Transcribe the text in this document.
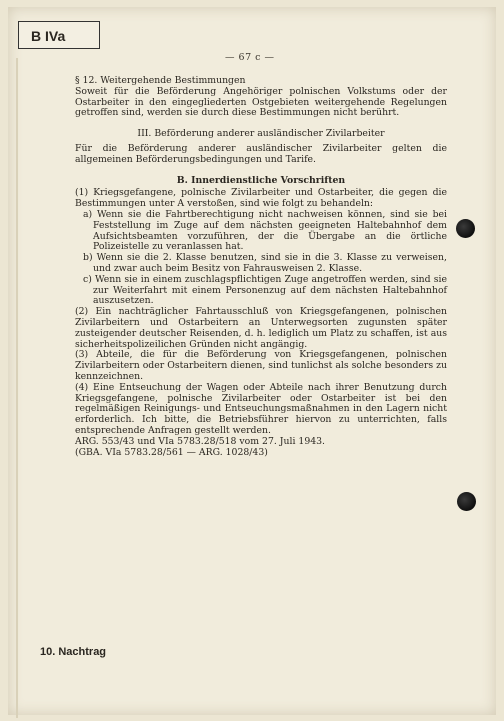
B IVa
— 67 c —

§ 12. Weitergehende Bestimmungen

Soweit für die Beförderung Angehöriger polnischen Volkstums oder der Ostarbeiter in den eingegliederten Ostgebieten weitergehende Regelungen getroffen sind, werden sie durch diese Bestimmungen nicht berührt.

III. Beförderung anderer ausländischer Zivilarbeiter

Für die Beförderung anderer ausländischer Zivilarbeiter gelten die allgemeinen Beförderungsbedingungen und Tarife.

B. Innerdienstliche Vorschriften

(1) Kriegsgefangene, polnische Zivilarbeiter und Ostarbeiter, die gegen die Bestimmungen unter A verstoßen, sind wie folgt zu behandeln:

a) Wenn sie die Fahrtberechtigung nicht nachweisen können, sind sie bei Feststellung im Zuge auf dem nächsten geeigneten Haltebahnhof dem Aufsichtsbeamten vorzuführen, der die Übergabe an die örtliche Polizeistelle zu veranlassen hat.
b) Wenn sie die 2. Klasse benutzen, sind sie in die 3. Klasse zu verweisen, und zwar auch beim Besitz von Fahrausweisen 2. Klasse.
c) Wenn sie in einem zuschlagspflichtigen Zuge angetroffen werden, sind sie zur Weiterfahrt mit einem Personenzug auf dem nächsten Haltebahnhof auszusetzen.

(2) Ein nachträglicher Fahrtausschluß von Kriegsgefangenen, polnischen Zivilarbeitern und Ostarbeitern an Unterwegsorten zugunsten später zusteigender deutscher Reisenden, d. h. lediglich um Platz zu schaffen, ist aus sicherheitspolizeilichen Gründen nicht angängig.

(3) Abteile, die für die Beförderung von Kriegsgefangenen, polnischen Zivilarbeitern oder Ostarbeitern dienen, sind tunlichst als solche besonders zu kennzeichnen.

(4) Eine Entseuchung der Wagen oder Abteile nach ihrer Benutzung durch Kriegsgefangene, polnische Zivilarbeiter oder Ostarbeiter ist bei den regelmäßigen Reinigungs- und Entseuchungsmaßnahmen in den Lagern nicht erforderlich. Ich bitte, die Betriebsführer hiervon zu unterrichten, falls entsprechende Anfragen gestellt werden.

ARG. 553/43 und VIa 5783.28/518 vom 27. Juli 1943.

(GBA. VIa 5783.28/561 — ARG. 1028/43)

10. Nachtrag
